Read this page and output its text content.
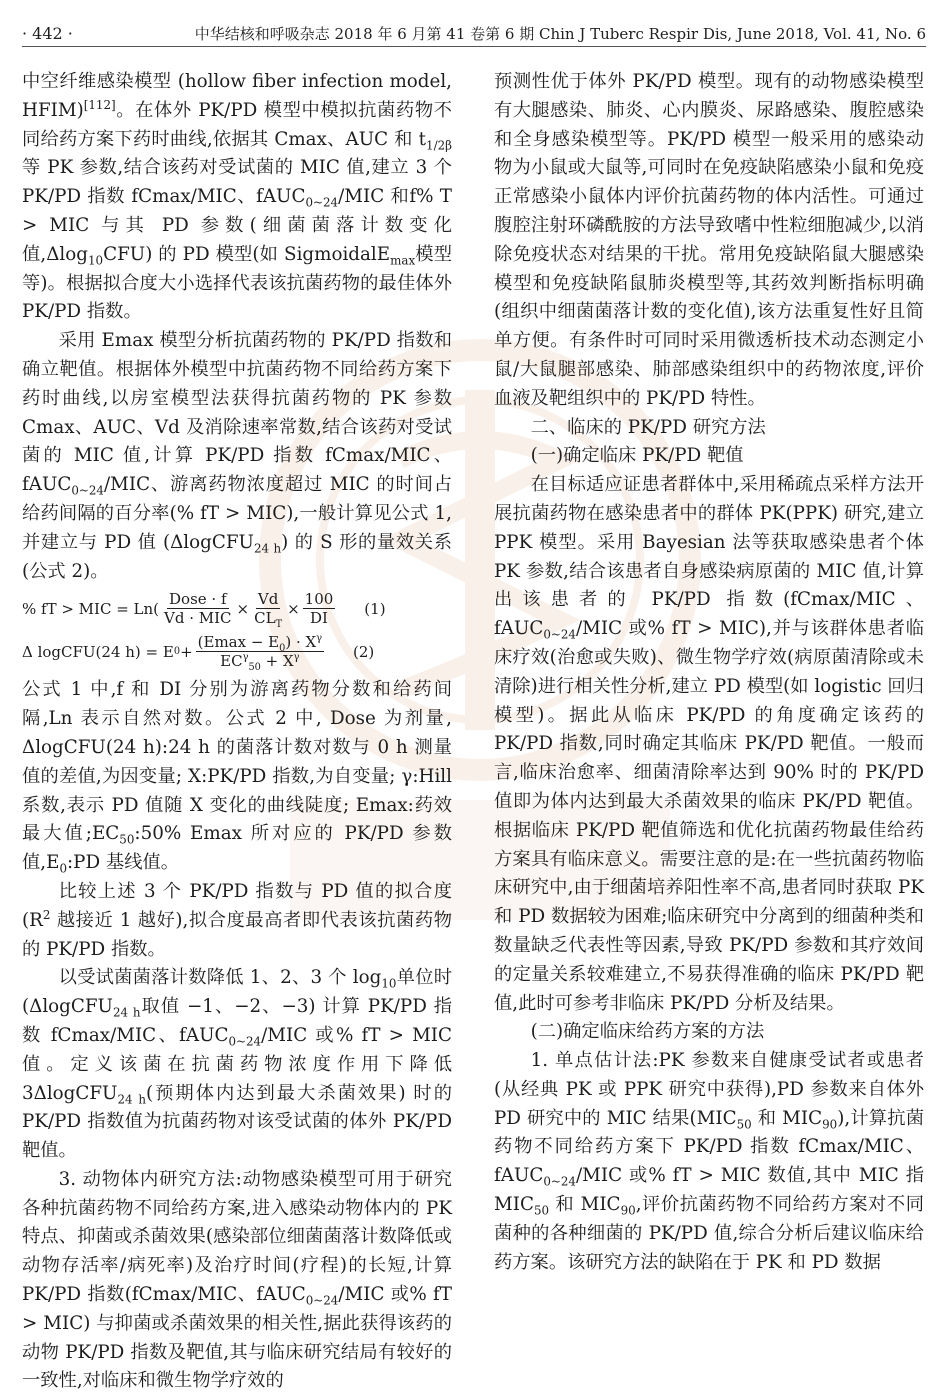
· 442 ·	中华结核和呼吸杂志 2018 年 6 月第 41 卷第 6 期 Chin J Tuberc Respir Dis, June 2018, Vol. 41, No. 6

中空纤维感染模型 (hollow fiber infection model, HFIM)[112]。在体外 PK/PD 模型中模拟抗菌药物不同给药方案下药时曲线,依据其 Cmax、AUC 和 $t_{1/2\beta}$ 等 PK 参数,结合该药对受试菌的 MIC 值,建立 3 个 PK/PD 指数 fCmax/MIC、fAUC$_{0\sim 24}$/MIC 和f% T > MIC 与其 PD 参数(细菌菌落计数变化值,Δlog$_{10}$CFU) 的 PD 模型(如 SigmoidalE$_{max}$模型等)。根据拟合度大小选择代表该抗菌药物的最佳体外 PK/PD 指数。

采用 Emax 模型分析抗菌药物的 PK/PD 指数和确立靶值。根据体外模型中抗菌药物不同给药方案下药时曲线,以房室模型法获得抗菌药物的 PK 参数 Cmax、AUC、Vd 及消除速率常数,结合该药对受试菌的 MIC 值,计算 PK/PD 指数 fCmax/MIC、fAUC$_{0\sim 24}$/MIC、游离药物浓度超过 MIC 的时间占给药间隔的百分率(% fT > MIC),一般计算见公式 1,并建立与 PD 值 (ΔlogCFU$_{24 h}$) 的 S 形的量效关系(公式 2)。

% fT > MIC = $Ln( \frac{\text{Dose · f}}{\text{Vd · MIC}} \times \frac{Vd}{CL_T} \times \frac{100}{DI} (1)$
Δ logCFU(24 h) = E $0 + \frac{(Emax - E_0) \cdot X^\gamma}{EC^\gamma_{50} + X^\gamma} (2)$

公式 1 中,f 和 DI 分别为游离药物分数和给药间隔,Ln 表示自然对数。公式 2 中, Dose 为剂量, ΔlogCFU(24 h):24 h 的菌落计数对数与 0 h 测量值的差值,为因变量; X:PK/PD 指数,为自变量; γ:Hill 系数,表示 PD 值随 X 变化的曲线陡度; Emax:药效最大值$;EC_{50}:50\%$ Emax 所对应的 PK/PD 参数值$,E_0:PD$ 基线值。

比较上述 3 个 PK/PD 指数与 PD 值的拟合度 ($R^2$ 越接近 1 越好),拟合度最高者即代表该抗菌药物的 PK/PD 指数。

以受试菌菌落计数降低 1、2、3 个 $\log_{10}$单位时 (ΔlogCFU$_{24 h}$取值 −1、−2、−3) 计算 PK/PD 指数 fCmax/MIC、fAUC$_{0\sim 24}$/MIC 或% fT > MIC 值。定义该菌在抗菌药物浓度作用下降低 3ΔlogCFU$_{24 h}$(预期体内达到最大杀菌效果) 时的 PK/PD 指数值为抗菌药物对该受试菌的体外 PK/PD 靶值。

3. 动物体内研究方法:动物感染模型可用于研究各种抗菌药物不同给药方案,进入感染动物体内的 PK 特点、抑菌或杀菌效果(感染部位细菌菌落计数降低或动物存活率/病死率)及治疗时间(疗程)的长短,计算 PK/PD 指数(fCmax/MIC、fAUC$_{0\sim 24}$/MIC 或% fT > MIC) 与抑菌或杀菌效果的相关性,据此获得该药的动物 PK/PD 指数及靶值,其与临床研究结局有较好的一致性,对临床和微生物学疗效的

预测性优于体外 PK/PD 模型。现有的动物感染模型有大腿感染、肺炎、心内膜炎、尿路感染、腹腔感染和全身感染模型等。PK/PD 模型一般采用的感染动物为小鼠或大鼠等,可同时在免疫缺陷感染小鼠和免疫正常感染小鼠体内评价抗菌药物的体内活性。可通过腹腔注射环磷酰胺的方法导致嗜中性粒细胞减少,以消除免疫状态对结果的干扰。常用免疫缺陷鼠大腿感染模型和免疫缺陷鼠肺炎模型等,其药效判断指标明确(组织中细菌菌落计数的变化值),该方法重复性好且简单方便。有条件时可同时采用微透析技术动态测定小鼠/大鼠腿部感染、肺部感染组织中的药物浓度,评价血液及靶组织中的 PK/PD 特性。

二、临床的 PK/PD 研究方法
(一)确定临床 PK/PD 靶值

在目标适应证患者群体中,采用稀疏点采样方法开展抗菌药物在感染患者中的群体 PK(PPK) 研究,建立 PPK 模型。采用 Bayesian 法等获取感染患者个体 PK 参数,结合该患者自身感染病原菌的 MIC 值,计算出该患者的 PK/PD 指数(fCmax/MIC、fAUC$_{0\sim 24}$/MIC 或% fT > MIC),并与该群体患者临床疗效(治愈或失败)、微生物学疗效(病原菌清除或未清除)进行相关性分析,建立 PD 模型(如 logistic 回归模型)。据此从临床 PK/PD 的角度确定该药的 PK/PD 指数,同时确定其临床 PK/PD 靶值。一般而言,临床治愈率、细菌清除率达到 90% 时的 PK/PD 值即为体内达到最大杀菌效果的临床 PK/PD 靶值。根据临床 PK/PD 靶值筛选和优化抗菌药物最佳给药方案具有临床意义。需要注意的是:在一些抗菌药物临床研究中,由于细菌培养阳性率不高,患者同时获取 PK 和 PD 数据较为困难;临床研究中分离到的细菌种类和数量缺乏代表性等因素,导致 PK/PD 参数和其疗效间的定量关系较难建立,不易获得准确的临床 PK/PD 靶值,此时可参考非临床 PK/PD 分析及结果。

(二)确定临床给药方案的方法

1. 单点估计法:PK 参数来自健康受试者或患者(从经典 PK 或 PPK 研究中获得),PD 参数来自体外 PD 研究中的 MIC 结果($MIC_{50}$ 和 $MIC_{90}$),计算抗菌药物不同给药方案下 PK/PD 指数 fCmax/MIC、fAUC$_{0\sim 24}$/MIC 或% fT > MIC 数值,其中 MIC 指 $MIC_{50}$ 和 $MIC_{90}$,评价抗菌药物不同给药方案对不同菌种的各种细菌的 PK/PD 值,综合分析后建议临床给药方案。该研究方法的缺陷在于 PK 和 PD 数据
